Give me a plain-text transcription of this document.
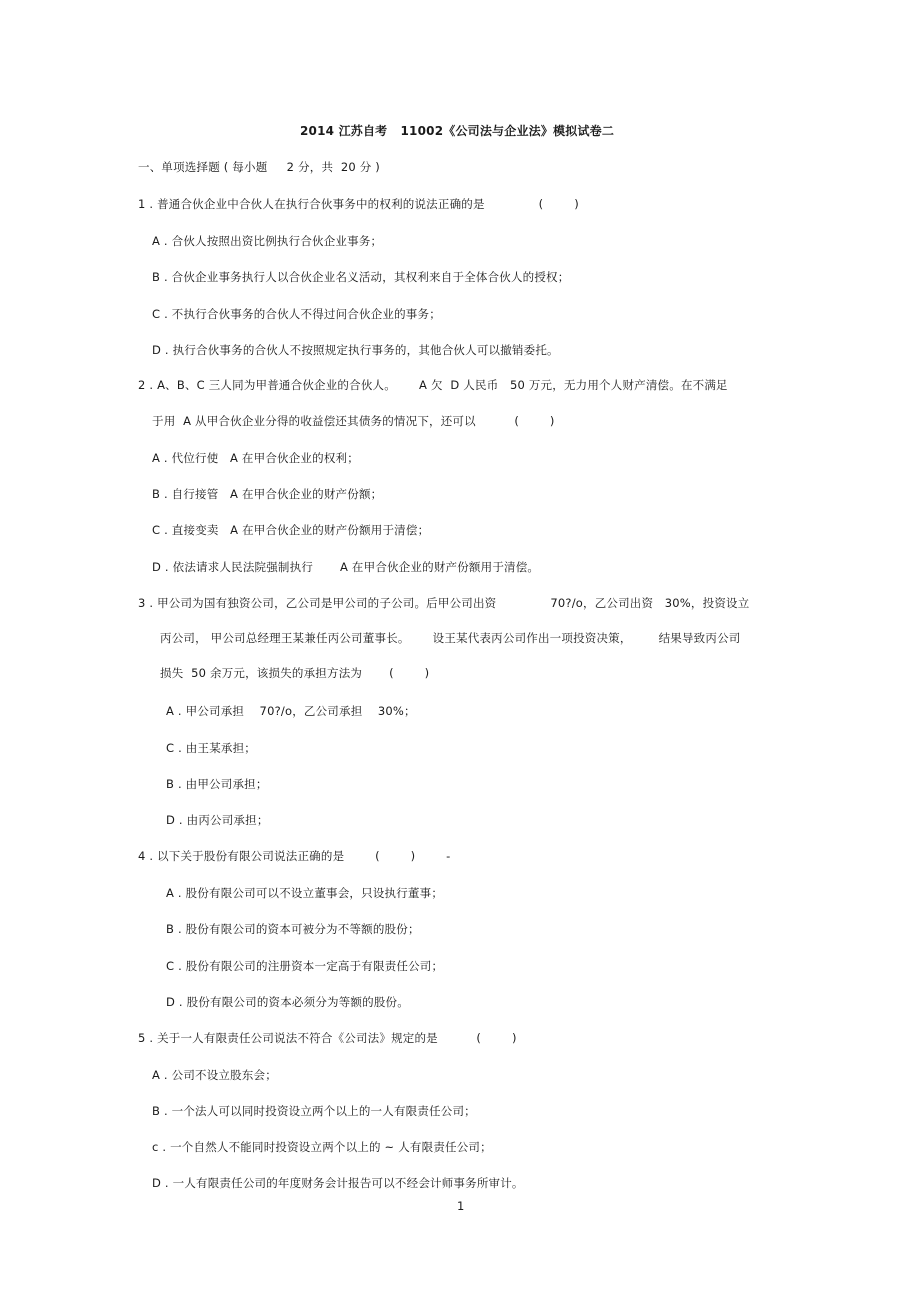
2014 江苏自考   11002《公司法与企业法》模拟试卷二
一、单项选择题 ( 每小题     2 分，共  20 分 )
1 . 普通合伙企业中合伙人在执行合伙事务中的权利的说法正确的是              (        )
A . 合伙人按照出资比例执行合伙企业事务；
B . 合伙企业事务执行人以合伙企业名义活动，其权利来自于全体合伙人的授权；
C . 不执行合伙事务的合伙人不得过问合伙企业的事务；
D . 执行合伙事务的合伙人不按照规定执行事务的，其他合伙人可以撤销委托。
2 . A、B、C 三人同为甲普通合伙企业的合伙人。      A 欠  D 人民币   50 万元，无力用个人财产清偿。在不满足
于用  A 从甲合伙企业分得的收益偿还其债务的情况下，还可以          (        )
A . 代位行使   A 在甲合伙企业的权利；
B . 自行接管   A 在甲合伙企业的财产份额；
C . 直接变卖   A 在甲合伙企业的财产份额用于清偿；
D . 依法请求人民法院强制执行       A 在甲合伙企业的财产份额用于清偿。
3 . 甲公司为国有独资公司，乙公司是甲公司的子公司。后甲公司出资              70?/o，乙公司出资   30%，投资设立
丙公司， 甲公司总经理王某兼任丙公司董事长。      设王某代表丙公司作出一项投资决策，       结果导致丙公司
损失  50 余万元，该损失的承担方法为       (        )
A . 甲公司承担    70?/o，乙公司承担    30%；
C . 由王某承担；
B . 由甲公司承担；
D . 由丙公司承担；
4 . 以下关于股份有限公司说法正确的是        (        )        -
A . 股份有限公司可以不设立董事会，只设执行董事；
B . 股份有限公司的资本可被分为不等额的股份；
C . 股份有限公司的注册资本一定高于有限责任公司；
D . 股份有限公司的资本必须分为等额的股份。
5 . 关于一人有限责任公司说法不符合《公司法》规定的是          (        )
A . 公司不设立股东会；
B . 一个法人可以同时投资设立两个以上的一人有限责任公司；
c . 一个自然人不能同时投资设立两个以上的 ~ 人有限责任公司；
D . 一人有限责任公司的年度财务会计报告可以不经会计师事务所审计。
1
